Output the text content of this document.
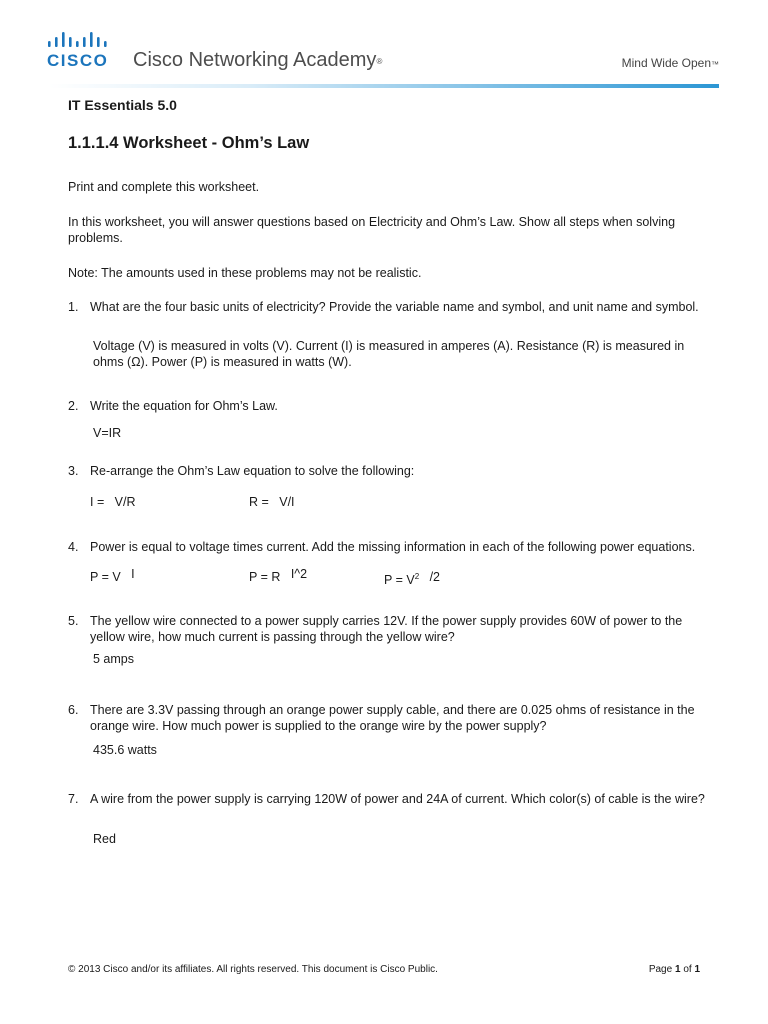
CISCO Cisco Networking Academy®	Mind Wide Open™
IT Essentials 5.0
1.1.1.4 Worksheet - Ohm’s Law

Print and complete this worksheet.

In this worksheet, you will answer questions based on Electricity and Ohm’s Law. Show all steps when solving problems.

Note: The amounts used in these problems may not be realistic.

1. What are the four basic units of electricity? Provide the variable name and symbol, and unit name and symbol.
Voltage (V) is measured in volts (V). Current (I) is measured in amperes (A). Resistance (R) is measured in ohms (Ω). Power (P) is measured in watts (W).
2. Write the equation for Ohm’s Law.
V=IR
3. Re-arrange the Ohm’s Law equation to solve the following:
I = V/R	R = V/I
4. Power is equal to voltage times current. Add the missing information in each of the following power equations.
P = V I	P = R I^2	$P = V^2$ /2
5. The yellow wire connected to a power supply carries 12V. If the power supply provides 60W of power to the yellow wire, how much current is passing through the yellow wire?
5 amps
6. There are 3.3V passing through an orange power supply cable, and there are 0.025 ohms of resistance in the orange wire. How much power is supplied to the orange wire by the power supply?
435.6 watts
7. A wire from the power supply is carrying 120W of power and 24A of current. Which color(s) of cable is the wire?
Red
© 2013 Cisco and/or its affiliates. All rights reserved. This document is Cisco Public.	Page 1 of 1
